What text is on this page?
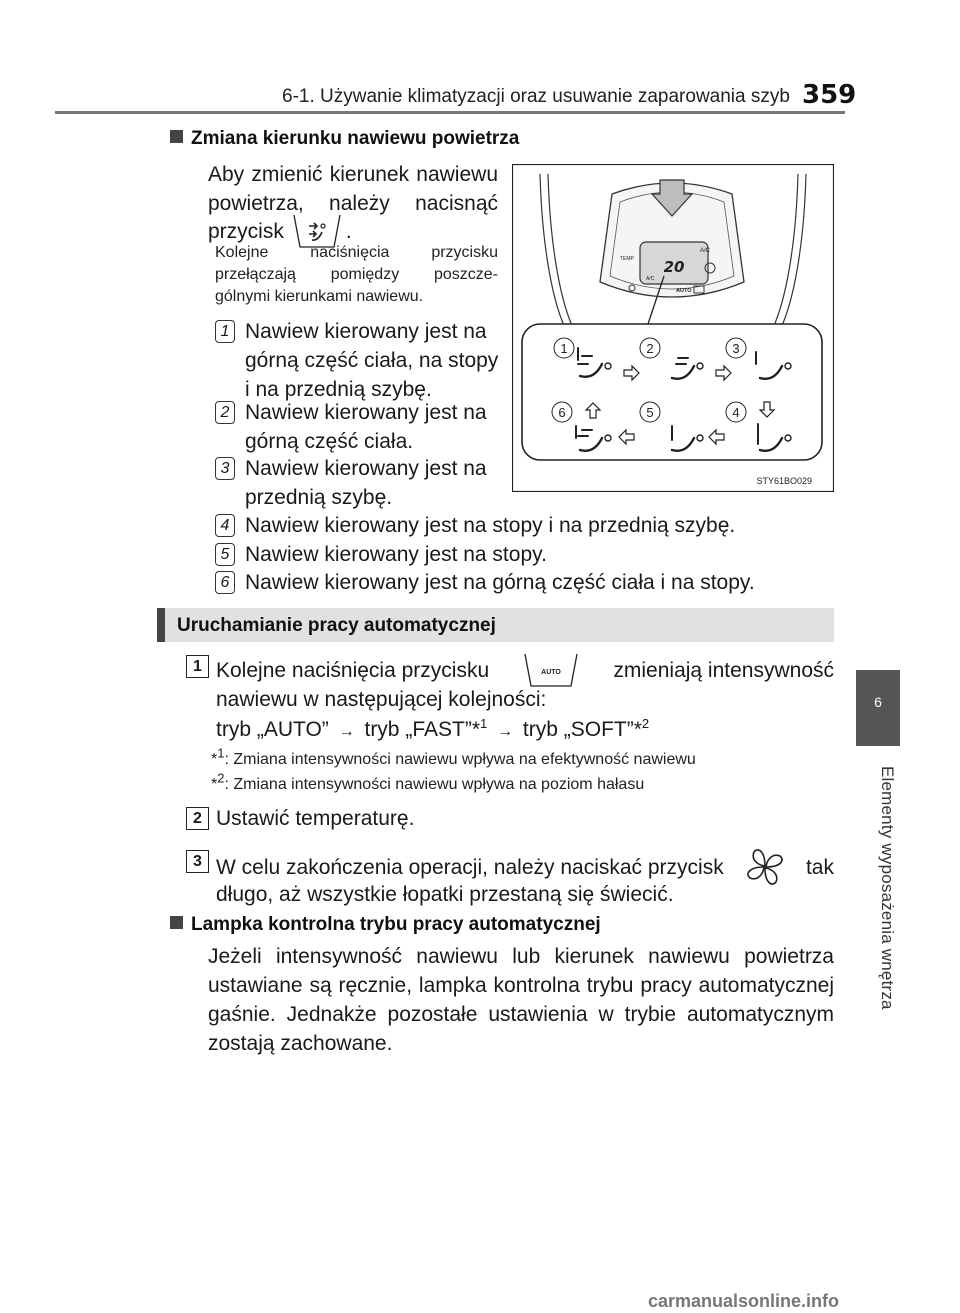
6-1. Używanie klimatyzacji oraz usuwanie zaparowania szyb 359
6
Elementy wyposażenia wnętrza
Zmiana kierunku nawiewu powietrza
Aby zmienić kierunek nawiewu
powietrza, należy nacisnąć
przycisk	.
Kolejne naciśnięcia przycisku
przełączają pomiędzy poszcze-
gólnymi kierunkami nawiewu.
1 Nawiew kierowany jest na
górną część ciała, na stopy
i na przednią szybę.
2 Nawiew kierowany jest na
górną część ciała.
3 Nawiew kierowany jest na
przednią szybę.
4 Nawiew kierowany jest na stopy i na przednią szybę.
5 Nawiew kierowany jest na stopy.
6 Nawiew kierowany jest na górną część ciała i na stopy.
20
A/C
A/C
TEMP
AUTO
1	2	3
4
5
6
STY61BO029
Uruchamianie pracy automatycznej
1 Kolejne naciśnięcia przycisku	AUTO zmieniają intensywność
nawiewu w następującej kolejności:
tryb „AUTO” → tryb „FAST”*$^1$ → tryb „SOFT”*$^2$
*$^1$: Zmiana intensywności nawiewu wpływa na efektywność nawiewu
*$^2$: Zmiana intensywności nawiewu wpływa na poziom hałasu
2 Ustawić temperaturę.
3 W celu zakończenia operacji, należy naciskać przycisk	tak
długo, aż wszystkie łopatki przestaną się świecić.
Lampka kontrolna trybu pracy automatycznej
Jeżeli intensywność nawiewu lub kierunek nawiewu powietrza
ustawiane są ręcznie, lampka kontrolna trybu pracy automatycznej
gaśnie. Jednakże pozostałe ustawienia w trybie automatycznym
zostają zachowane.
carmanualsonline.info
